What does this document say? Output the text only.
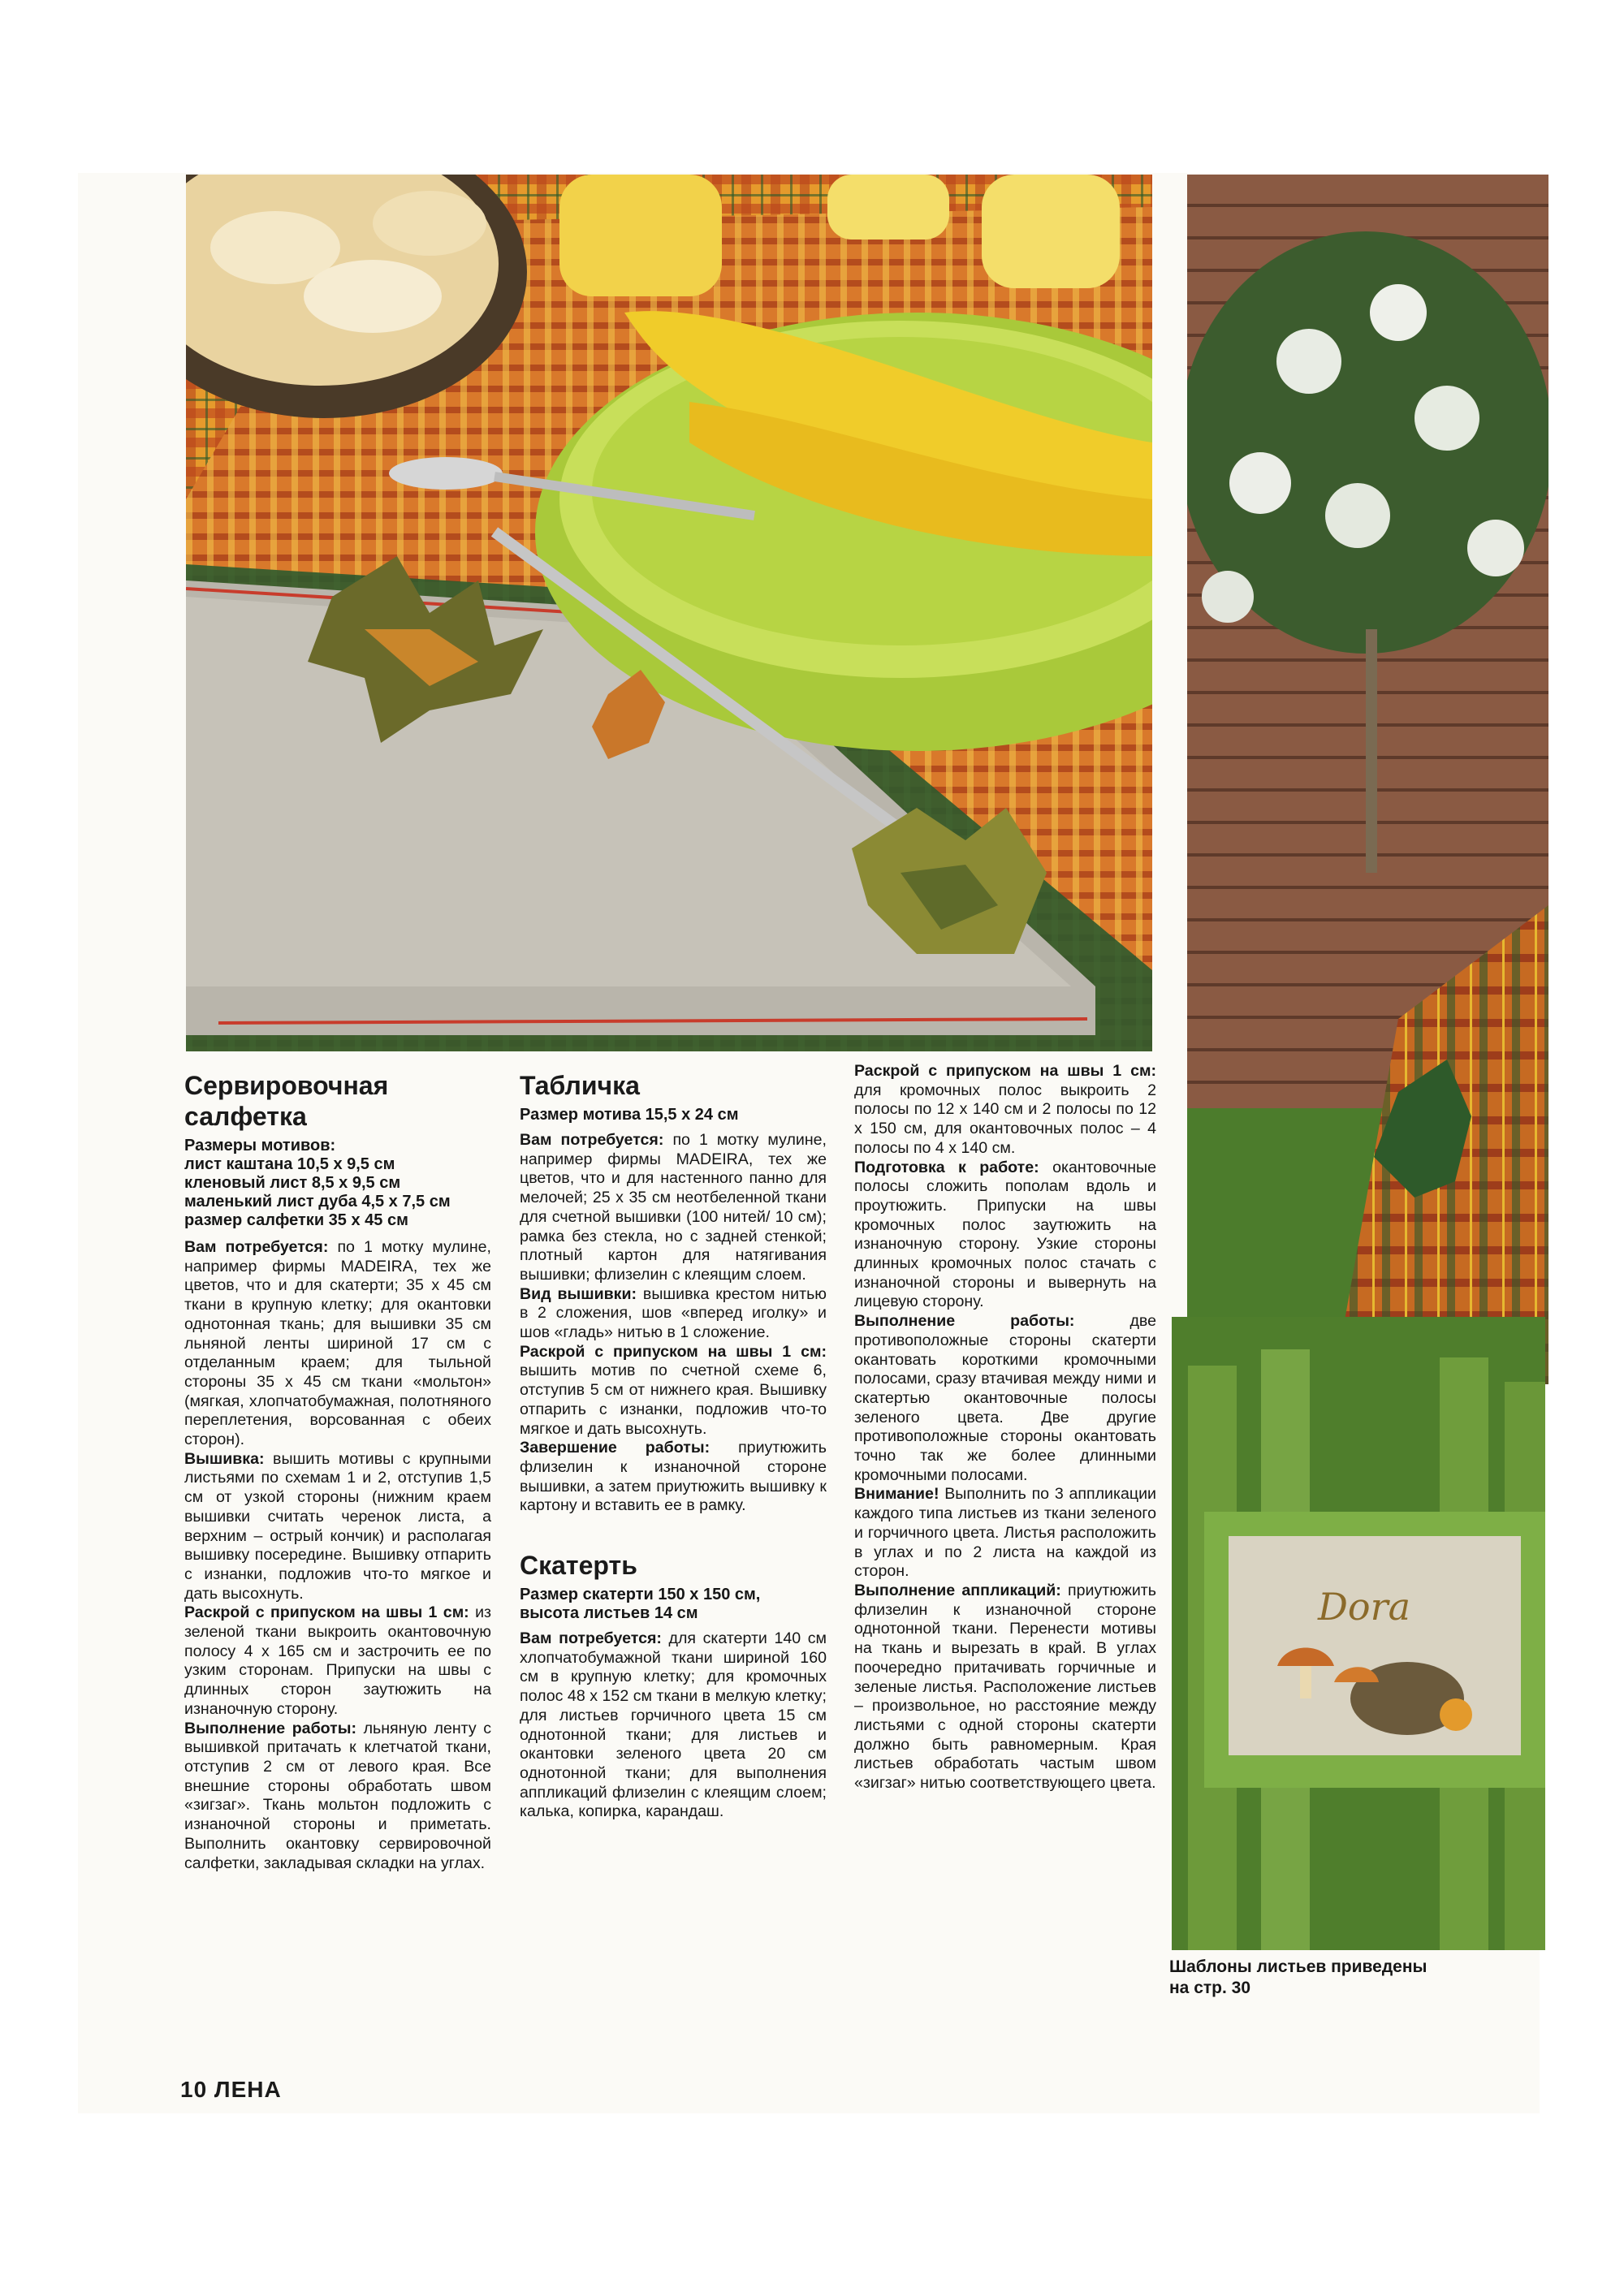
Dora
Сервировочная
салфетка
Размеры мотивов:
лист каштана 10,5 x 9,5 см
кленовый лист 8,5 x 9,5 см
маленький лист дуба 4,5 x 7,5 см
размер салфетки 35 x 45 см

Вам потребуется: по 1 мотку мулине, например фирмы MADEIRA, тех же цветов, что и для скатерти; 35 x 45 см ткани в крупную клетку; для окантовки однотонная ткань; для вышивки 35 см льняной ленты шириной 17 см с отделанным краем; для тыльной стороны 35 x 45 см ткани «мольтон» (мягкая, хлопчатобумажная, полотняного переплетения, ворсованная с обеих сторон).

Вышивка: вышить мотивы с крупными листьями по схемам 1 и 2, отступив 1,5 см от узкой стороны (нижним краем вышивки считать черенок листа, а верхним – острый кончик) и располагая вышивку посередине. Вышивку отпарить с изнанки, подложив что-то мягкое и дать высохнуть.

Раскрой с припуском на швы 1 см: из зеленой ткани выкроить окантовочную полосу 4 x 165 см и застрочить ее по узким сторонам. Припуски на швы с длинных сторон заутюжить на изнаночную сторону.

Выполнение работы: льняную ленту с вышивкой притачать к клетчатой ткани, отступив 2 см от левого края. Все внешние стороны обработать швом «зигзаг». Ткань мольтон подложить с изнаночной стороны и приметать. Выполнить окантовку сервировочной салфетки, закладывая складки на углах.

Табличка
Размер мотива 15,5 x 24 см

Вам потребуется: по 1 мотку мулине, например фирмы MADEIRA, тех же цветов, что и для настенного панно для мелочей; 25 x 35 см неотбеленной ткани для счетной вышивки (100 нитей/ 10 см); рамка без стекла, но с задней стенкой; плотный картон для натягивания вышивки; флизелин с клеящим слоем.

Вид вышивки: вышивка крестом нитью в 2 сложения, шов «вперед иголку» и шов «гладь» нитью в 1 сложение.

Раскрой с припуском на швы 1 см: вышить мотив по счетной схеме 6, отступив 5 см от нижнего края. Вышивку отпарить с изнанки, подложив что-то мягкое и дать высохнуть.

Завершение работы: приутюжить флизелин к изнаночной стороне вышивки, а затем приутюжить вышивку к картону и вставить ее в рамку.

Скатерть
Размер скатерти 150 x 150 см,
высота листьев 14 см

Вам потребуется: для скатерти 140 см хлопчатобумажной ткани шириной 160 см в крупную клетку; для кромочных полос 48 x 152 см ткани в мелкую клетку; для листьев горчичного цвета 15 см однотонной ткани; для листьев и окантовки зеленого цвета 20 см однотонной ткани; для выполнения аппликаций флизелин с клеящим слоем; калька, копирка, карандаш.

Раскрой с припуском на швы 1 см: для кромочных полос выкроить 2 полосы по 12 x 140 см и 2 полосы по 12 x 150 см, для окантовочных полос – 4 полосы по 4 x 140 см.

Подготовка к работе: окантовочные полосы сложить пополам вдоль и проутюжить. Припуски на швы кромочных полос заутюжить на изнаночную сторону. Узкие стороны длинных кромочных полос стачать с изнаночной стороны и вывернуть на лицевую сторону.

Выполнение работы:	две противоположные стороны скатерти окантовать короткими кромочными полосами, сразу втачивая между ними и скатертью окантовочные полосы зеленого цвета. Две другие противоположные стороны окантовать точно так же более длинными кромочными полосами.

Внимание! Выполнить по 3 аппликации каждого типа листьев из ткани зеленого и горчичного цвета. Листья расположить в углах и по 2 листа на каждой из сторон.

Выполнение аппликаций: приутюжить флизелин к изнаночной стороне однотонной ткани. Перенести мотивы на ткань и вырезать в край. В углах поочередно притачивать горчичные и зеленые листья. Расположение листьев – произвольное, но расстояние между листьями с одной стороны скатерти должно быть равномерным. Края листьев обработать частым швом «зигзаг» нитью соответствующего цвета.

Шаблоны листьев приведены
на стр. 30
10 ЛЕНА
